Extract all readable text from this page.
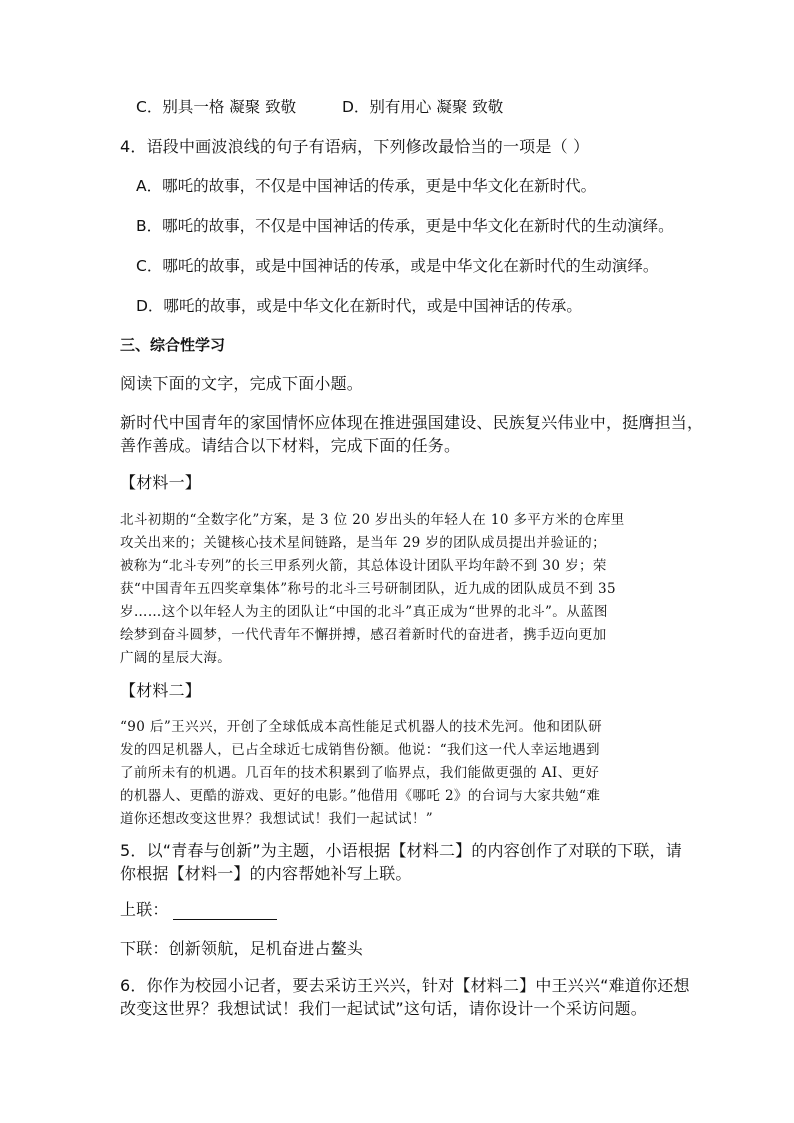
C．别具一格 凝聚 致敬	D．别有用心 凝聚 致敬
4．语段中画波浪线的句子有语病，下列修改最恰当的一项是（ ）
A．哪吒的故事，不仅是中国神话的传承，更是中华文化在新时代。
B．哪吒的故事，不仅是中国神话的传承，更是中华文化在新时代的生动演绎。
C．哪吒的故事，或是中国神话的传承，或是中华文化在新时代的生动演绎。
D．哪吒的故事，或是中华文化在新时代，或是中国神话的传承。
三、综合性学习
阅读下面的文字，完成下面小题。
新时代中国青年的家国情怀应体现在推进强国建设、民族复兴伟业中，挺膺担当，
善作善成。请结合以下材料，完成下面的任务。
【材料一】
北斗初期的“全数字化”方案，是 3 位 20 岁出头的年轻人在 10 多平方米的仓库里
攻关出来的；关键核心技术星间链路，是当年 29 岁的团队成员提出并验证的；
被称为“北斗专列”的长三甲系列火箭，其总体设计团队平均年龄不到 30 岁；荣
获“中国青年五四奖章集体”称号的北斗三号研制团队，近九成的团队成员不到 35
岁……这个以年轻人为主的团队让“中国的北斗”真正成为“世界的北斗”。从蓝图
绘梦到奋斗圆梦，一代代青年不懈拼搏，感召着新时代的奋进者，携手迈向更加
广阔的星辰大海。
【材料二】
“90 后”王兴兴，开创了全球低成本高性能足式机器人的技术先河。他和团队研
发的四足机器人，已占全球近七成销售份额。他说：“我们这一代人幸运地遇到
了前所未有的机遇。几百年的技术积累到了临界点，我们能做更强的 AI、更好
的机器人、更酷的游戏、更好的电影。”他借用《哪吒 2》的台词与大家共勉“难
道你还想改变这世界？我想试试！我们一起试试！”
5．以“青春与创新”为主题，小语根据【材料二】的内容创作了对联的下联，请
你根据【材料一】的内容帮她补写上联。
上联：
下联：创新领航，足机奋进占鳌头
6．你作为校园小记者，要去采访王兴兴，针对【材料二】中王兴兴“难道你还想
改变这世界？我想试试！我们一起试试”这句话，请你设计一个采访问题。
